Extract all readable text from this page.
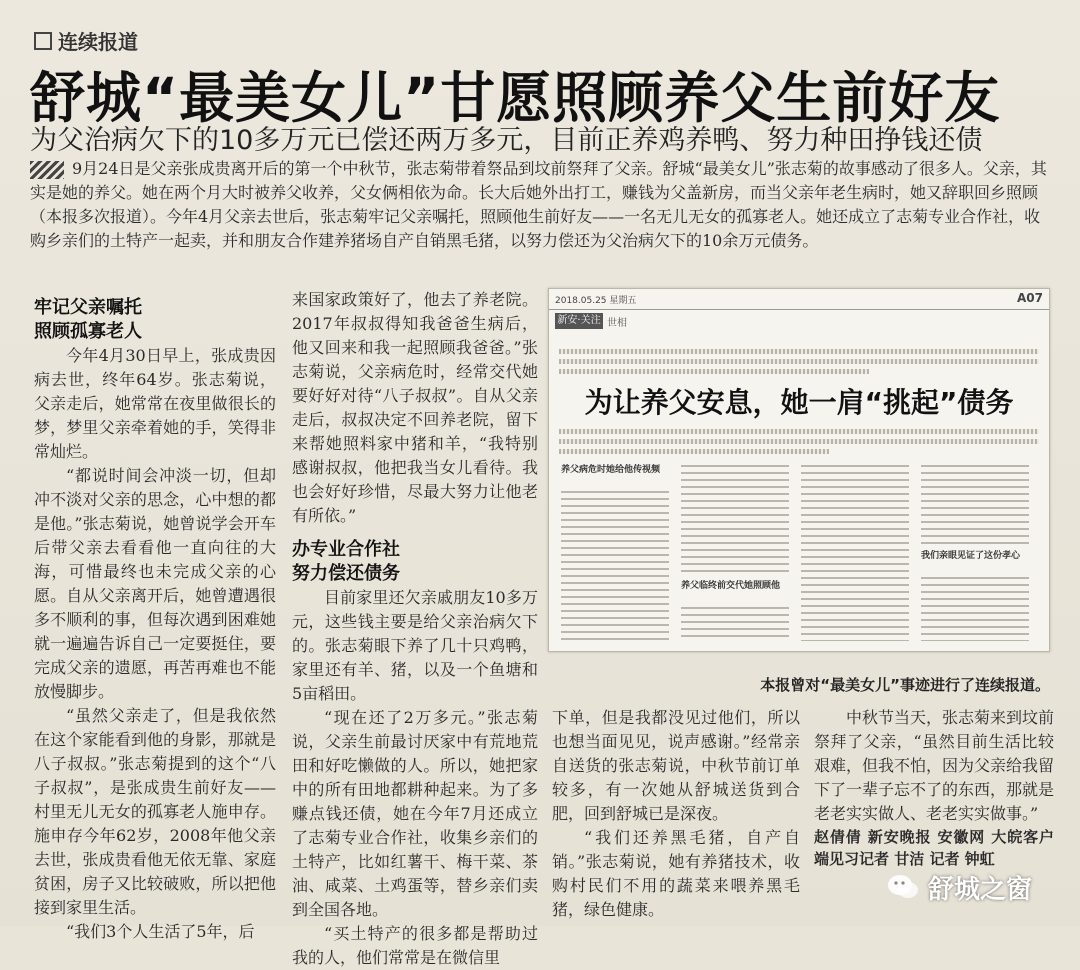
连续报道
舒城“最美女儿”甘愿照顾养父生前好友
为父治病欠下的10多万元已偿还两万多元，目前正养鸡养鸭、努力种田挣钱还债
9月24日是父亲张成贵离开后的第一个中秋节，张志菊带着祭品到坟前祭拜了父亲。舒城“最美女儿”张志菊的故事感动了很多人。父亲，其实是她的养父。她在两个月大时被养父收养，父女俩相依为命。长大后她外出打工，赚钱为父盖新房，而当父亲年老生病时，她又辞职回乡照顾（本报多次报道）。今年4月父亲去世后，张志菊牢记父亲嘱托，照顾他生前好友——一名无儿无女的孤寡老人。她还成立了志菊专业合作社，收购乡亲们的土特产一起卖，并和朋友合作建养猪场自产自销黑毛猪，以努力偿还为父治病欠下的10余万元债务。

牢记父亲嘱托
照顾孤寡老人

今年4月30日早上，张成贵因病去世，终年64岁。张志菊说，父亲走后，她常常在夜里做很长的梦，梦里父亲牵着她的手，笑得非常灿烂。

“都说时间会冲淡一切，但却冲不淡对父亲的思念，心中想的都是他。”张志菊说，她曾说学会开车后带父亲去看看他一直向往的大海，可惜最终也未完成父亲的心愿。自从父亲离开后，她曾遭遇很多不顺利的事，但每次遇到困难她就一遍遍告诉自己一定要挺住，要完成父亲的遗愿，再苦再难也不能放慢脚步。

“虽然父亲走了，但是我依然在这个家能看到他的身影，那就是八子叔叔。”张志菊提到的这个“八子叔叔”，是张成贵生前好友——村里无儿无女的孤寡老人施申存。施申存今年62岁，2008年他父亲去世，张成贵看他无依无靠、家庭贫困，房子又比较破败，所以把他接到家里生活。

“我们3个人生活了5年，后

来国家政策好了，他去了养老院。2017年叔叔得知我爸爸生病后，他又回来和我一起照顾我爸爸。”张志菊说，父亲病危时，经常交代她要好好对待“八子叔叔”。自从父亲走后，叔叔决定不回养老院，留下来帮她照料家中猪和羊，“我特别感谢叔叔，他把我当女儿看待。我也会好好珍惜，尽最大努力让他老有所依。”

办专业合作社
努力偿还债务

目前家里还欠亲戚朋友10多万元，这些钱主要是给父亲治病欠下的。张志菊眼下养了几十只鸡鸭，家里还有羊、猪，以及一个鱼塘和5亩稻田。

“现在还了2万多元。”张志菊说，父亲生前最讨厌家中有荒地荒田和好吃懒做的人。所以，她把家中的所有田地都耕种起来。为了多赚点钱还债，她在今年7月还成立了志菊专业合作社，收集乡亲们的土特产，比如红薯干、梅干菜、茶油、咸菜、土鸡蛋等，替乡亲们卖到全国各地。

“买土特产的很多都是帮助过我的人，他们常常是在微信里

2018.05.25 星期五	A07
新安·关注 世相
为让养父安息，她一肩“挑起”债务
养父病危时她给他传视频
养父临终前交代她照顾他
我们亲眼见证了这份孝心
本报曾对“最美女儿”事迹进行了连续报道。

下单，但是我都没见过他们，所以也想当面见见，说声感谢。”经常亲自送货的张志菊说，中秋节前订单较多，有一次她从舒城送货到合肥，回到舒城已是深夜。

“我们还养黑毛猪，自产自销。”张志菊说，她有养猪技术，收购村民们不用的蔬菜来喂养黑毛猪，绿色健康。

中秋节当天，张志菊来到坟前祭拜了父亲，“虽然目前生活比较艰难，但我不怕，因为父亲给我留下了一辈子忘不了的东西，那就是老老实实做人、老老实实做事。”

赵倩倩 新安晚报 安徽网 大皖客户端见习记者 甘洁 记者 钟虹

舒城之窗
